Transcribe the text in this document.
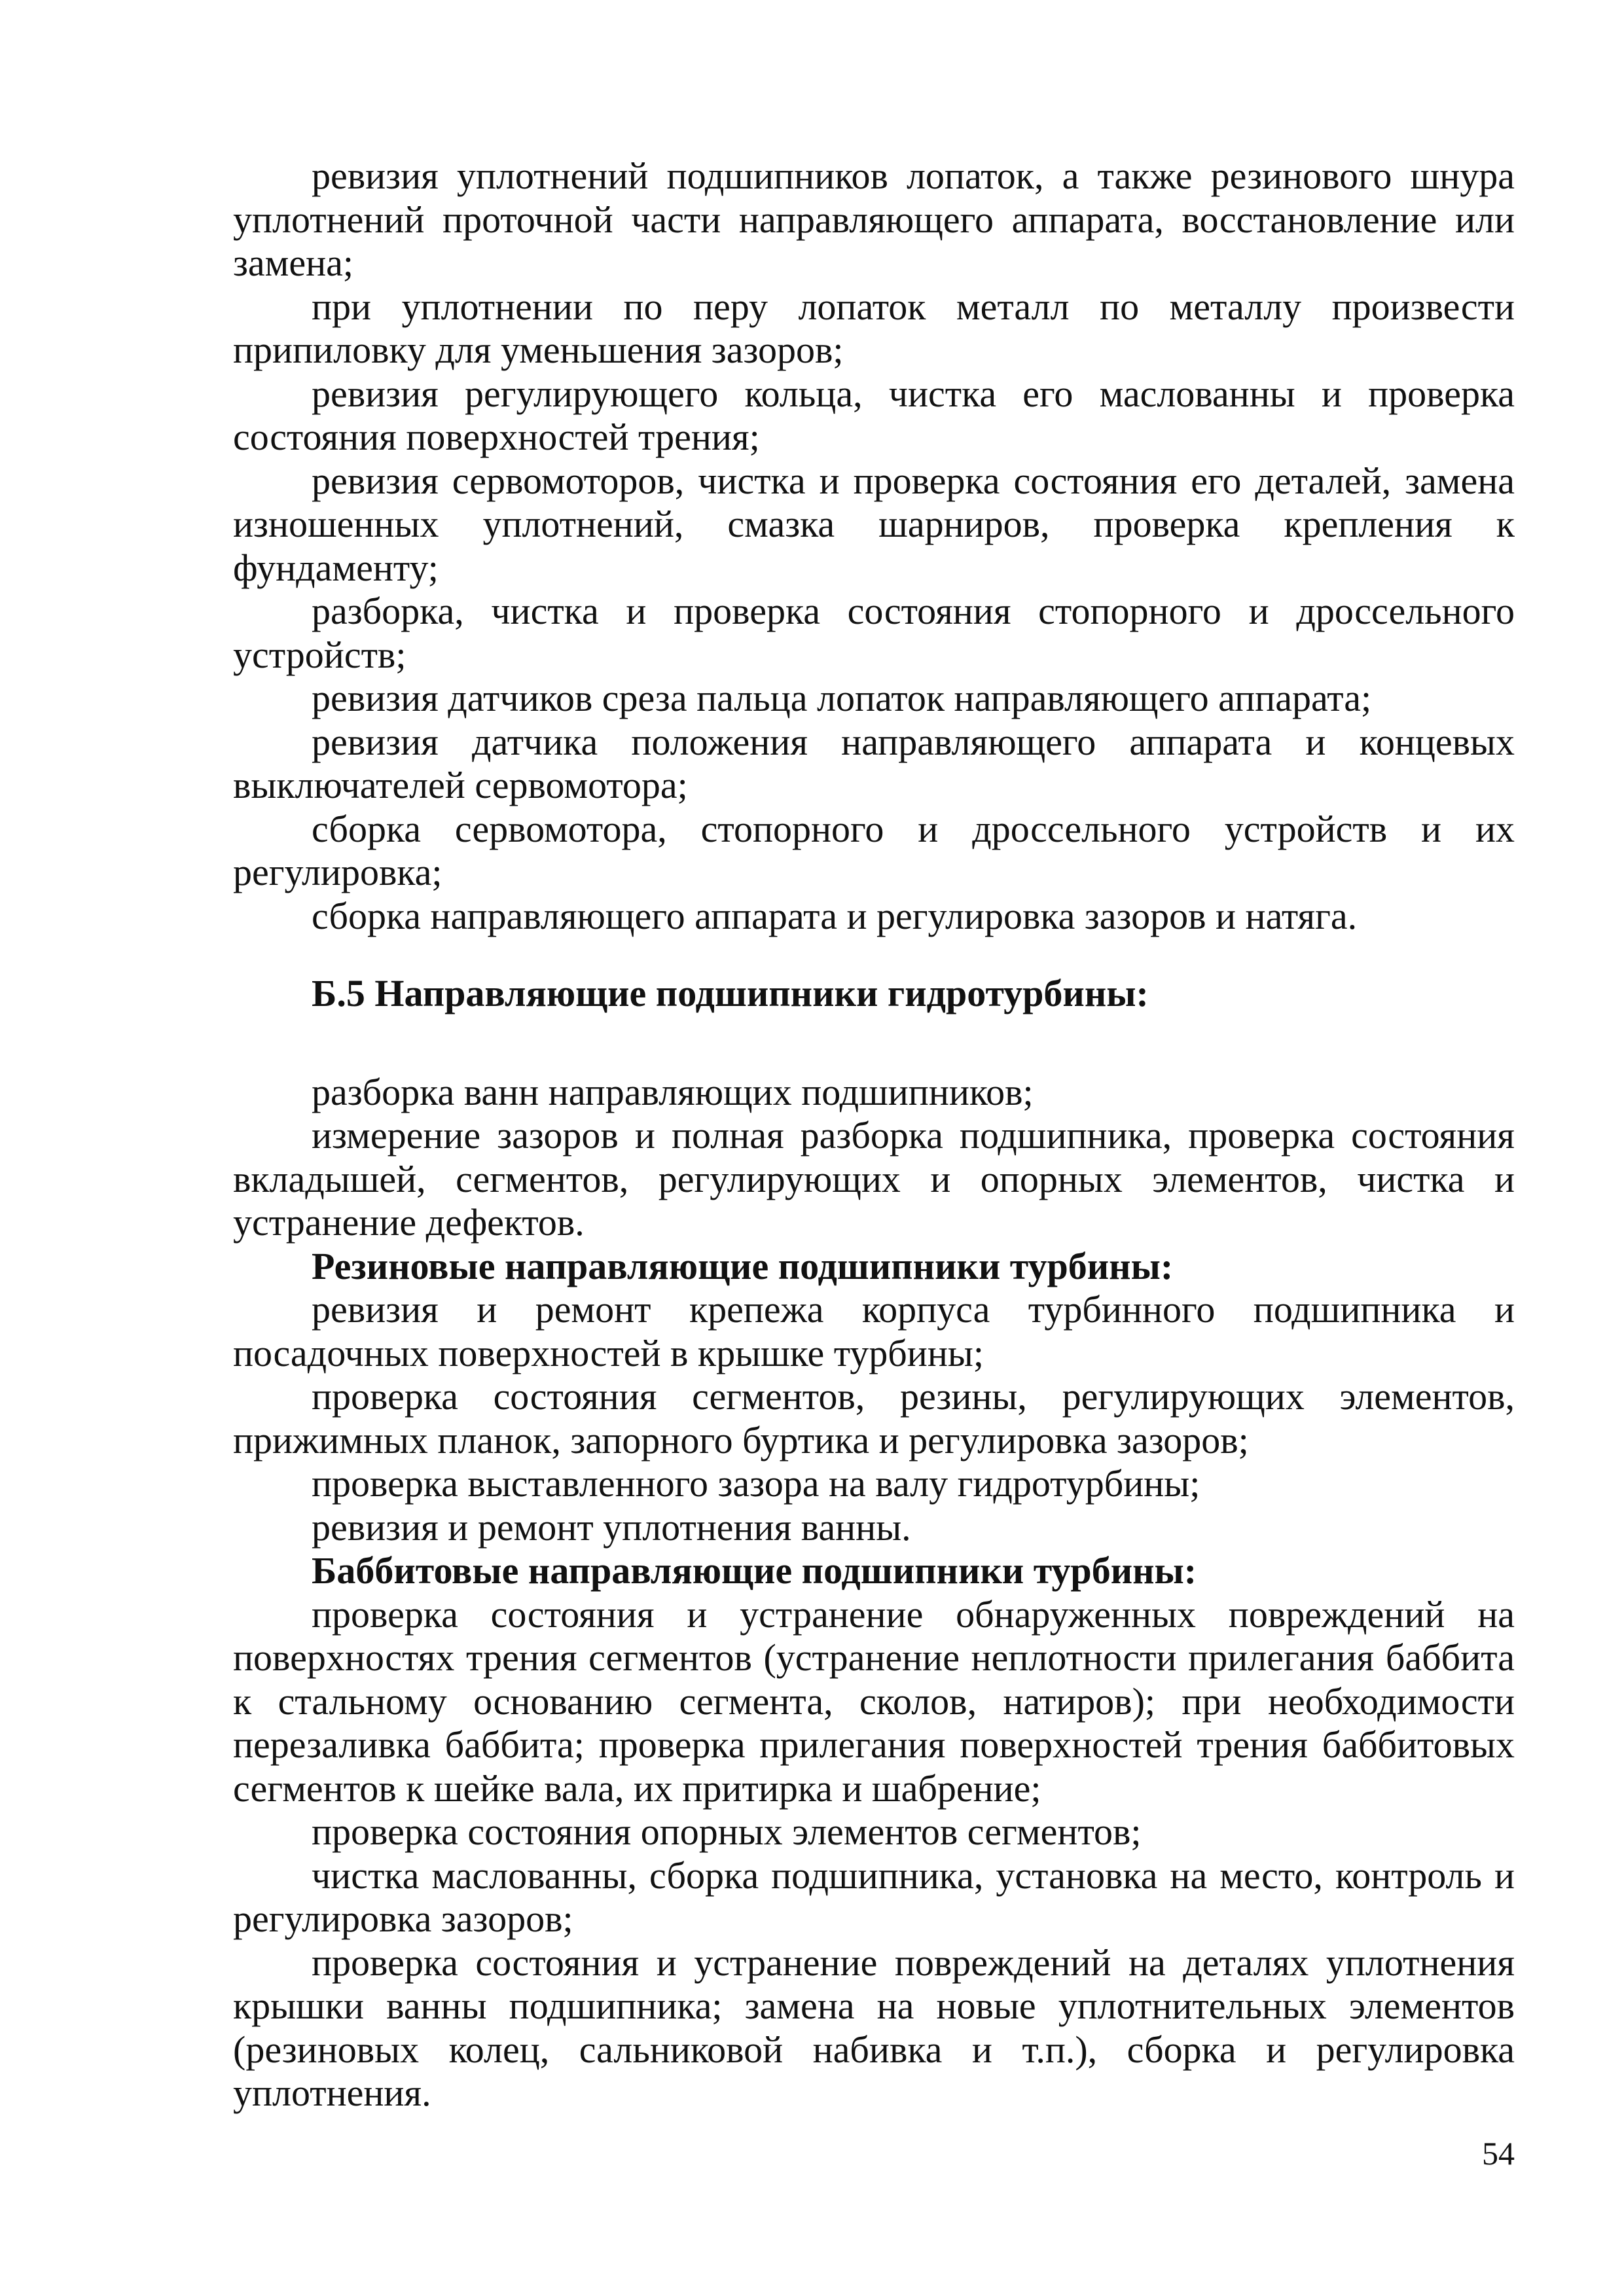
ревизия уплотнений подшипников лопаток, а также резинового шнура уплотнений проточной части направляющего аппарата, восстановление или замена;

при уплотнении по перу лопаток металл по металлу произвести припиловку для уменьшения зазоров;

ревизия регулирующего кольца, чистка его маслованны и проверка состояния поверхностей трения;

ревизия сервомоторов, чистка и проверка состояния его деталей, замена изношенных уплотнений, смазка шарниров, проверка крепления к фундаменту;

разборка, чистка и проверка состояния стопорного и дроссельного устройств;

ревизия датчиков среза пальца лопаток направляющего аппарата;

ревизия датчика положения направляющего аппарата и концевых выключателей сервомотора;

сборка сервомотора, стопорного и дроссельного устройств и их регулировка;

сборка направляющего аппарата и регулировка зазоров и натяга.

Б.5 Направляющие подшипники гидротурбины:

разборка ванн направляющих подшипников;

измерение зазоров и полная разборка подшипника, проверка состояния вкладышей, сегментов, регулирующих и опорных элементов, чистка и устранение дефектов.

Резиновые направляющие подшипники турбины:

ревизия и ремонт крепежа корпуса турбинного подшипника и посадочных поверхностей в крышке турбины;

проверка состояния сегментов, резины, регулирующих элементов, прижимных планок, запорного буртика и регулировка зазоров;

проверка выставленного зазора на валу гидротурбины;

ревизия и ремонт уплотнения ванны.

Баббитовые направляющие подшипники турбины:

проверка состояния и устранение обнаруженных повреждений на поверхностях трения сегментов (устранение неплотности прилегания баббита к стальному основанию сегмента, сколов, натиров); при необходимости перезаливка баббита; проверка прилегания поверхностей трения баббитовых сегментов к шейке вала, их притирка и шабрение;

проверка состояния опорных элементов сегментов;

чистка маслованны, сборка подшипника, установка на место, контроль и регулировка зазоров;

проверка состояния и устранение повреждений на деталях уплотнения крышки ванны подшипника; замена на новые уплотнительных элементов (резиновых колец, сальниковой набивка и т.п.), сборка и регулировка уплотнения.

54
